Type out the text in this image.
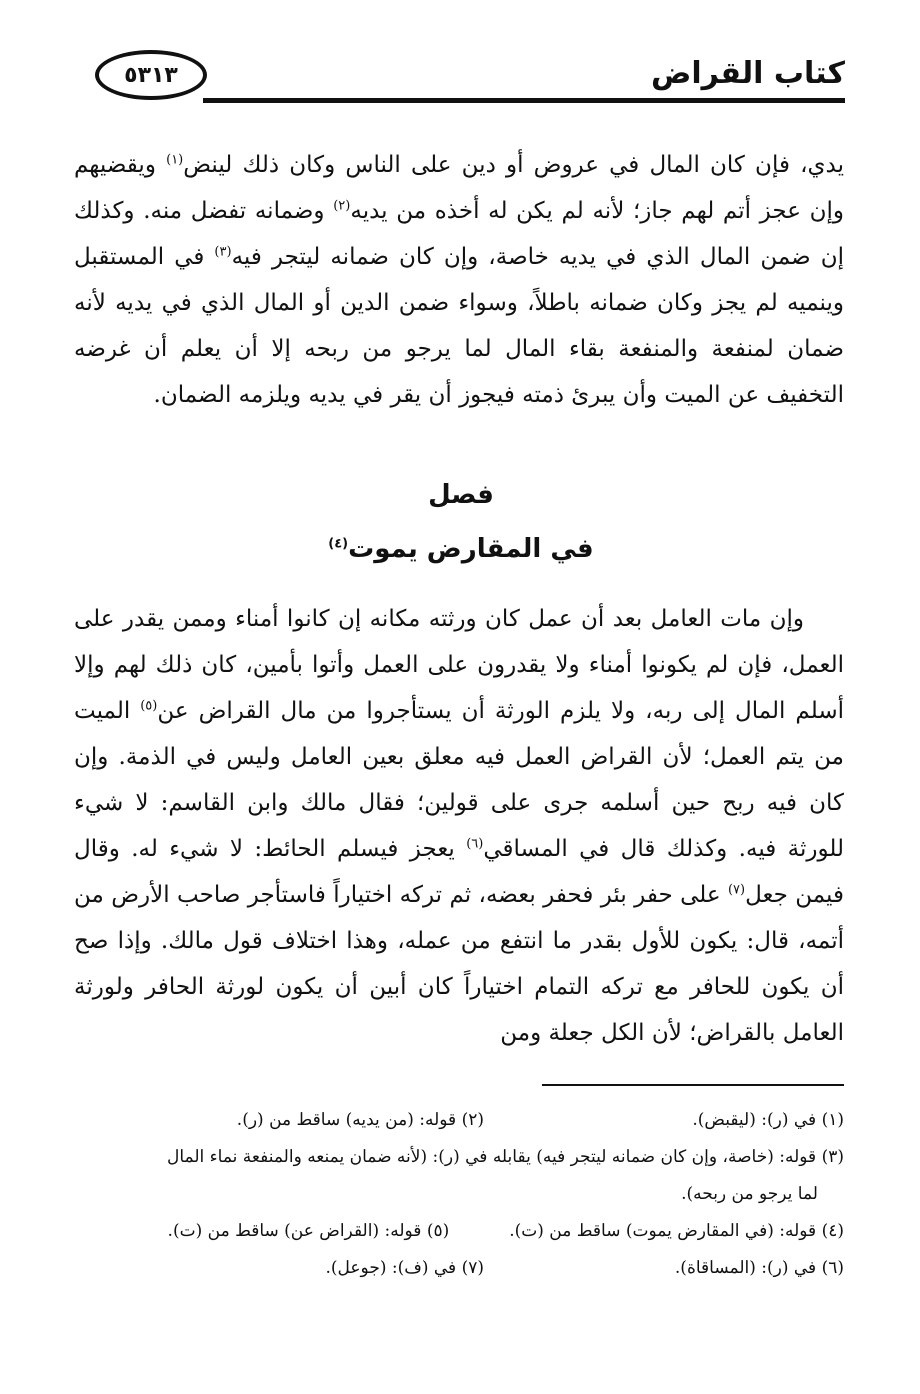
كتاب القراض
٥٣١٣
يدي، فإن كان المال في عروض أو دين على الناس وكان ذلك لينض$^{(١)}$ ويقضيهم وإن عجز أتم لهم جاز؛ لأنه لم يكن له أخذه من يديه$^{(٢)}$ وضمانه تفضل منه. وكذلك إن ضمن المال الذي في يديه خاصة، وإن كان ضمانه ليتجر فيه$^{(٣)}$ في المستقبل وينميه لم يجز وكان ضمانه باطلاً، وسواء ضمن الدين أو المال الذي في يديه لأنه ضمان لمنفعة والمنفعة بقاء المال لما يرجو من ربحه إلا أن يعلم أن غرضه التخفيف عن الميت وأن يبرئ ذمته فيجوز أن يقر في يديه ويلزمه الضمان.
فصل
في المقارض يموت$^{(٤)}$
وإن مات العامل بعد أن عمل كان ورثته مكانه إن كانوا أمناء وممن يقدر على العمل، فإن لم يكونوا أمناء ولا يقدرون على العمل وأتوا بأمين، كان ذلك لهم وإلا أسلم المال إلى ربه، ولا يلزم الورثة أن يستأجروا من مال القراض عن$^{(٥)}$ الميت من يتم العمل؛ لأن القراض العمل فيه معلق بعين العامل وليس في الذمة. وإن كان فيه ربح حين أسلمه جرى على قولين؛ فقال مالك وابن القاسم: لا شيء للورثة فيه. وكذلك قال في المساقي$^{(٦)}$ يعجز فيسلم الحائط: لا شيء له. وقال فيمن جعل$^{(٧)}$ على حفر بئر فحفر بعضه، ثم تركه اختياراً فاستأجر صاحب الأرض من أتمه، قال: يكون للأول بقدر ما انتفع من عمله، وهذا اختلاف قول مالك. وإذا صح أن يكون للحافر مع تركه التمام اختياراً كان أبين أن يكون لورثة الحافر ولورثة العامل بالقراض؛ لأن الكل جعلة ومن
(١) في (ر): (ليقبض).
(٢) قوله: (من يديه) ساقط من (ر).
(٣) قوله: (خاصة، وإن كان ضمانه ليتجر فيه) يقابله في (ر): (لأنه ضمان يمنعه والمنفعة نماء المال
لما يرجو من ربحه).
(٤) قوله: (في المقارض يموت) ساقط من (ت).
(٥) قوله: (القراض عن) ساقط من (ت).
(٦) في (ر): (المساقاة).
(٧) في (ف): (جوعل).
